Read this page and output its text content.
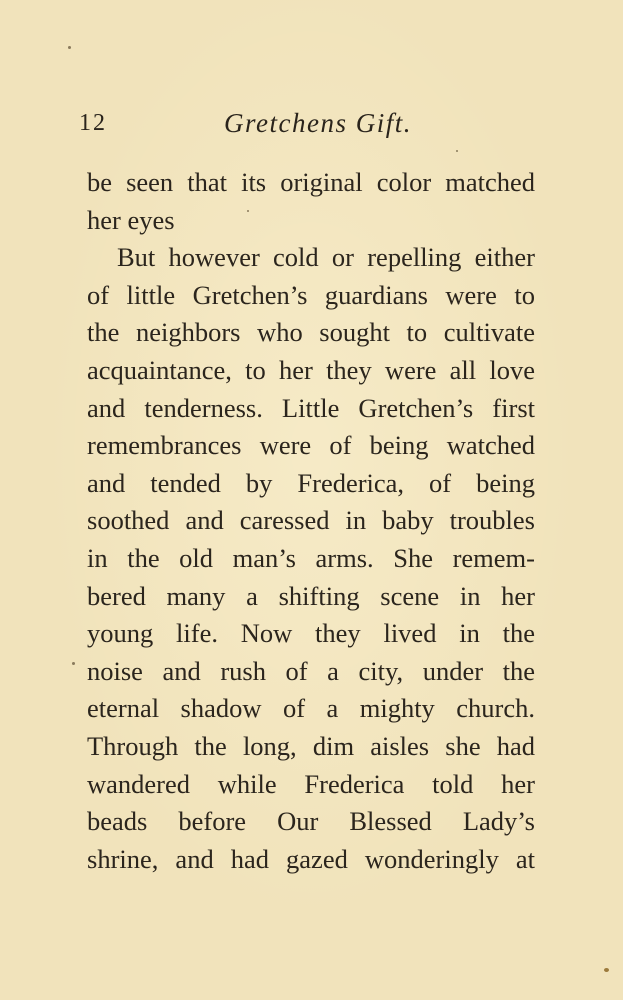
12	Gretchens Gift.
be seen that its original color matched
her eyes
But however cold or repelling either
of little Gretchen’s guardians were to
the neighbors who sought to cultivate
acquaintance, to her they were all love
and tenderness. Little Gretchen’s first
remembrances were of being watched
and tended by Frederica, of being
soothed and caressed in baby troubles
in the old man’s arms. She remem-
bered many a shifting scene in her
young life. Now they lived in the
noise and rush of a city, under the
eternal shadow of a mighty church.
Through the long, dim aisles she had
wandered while Frederica told her
beads before Our Blessed Lady’s
shrine, and had gazed wonderingly at
